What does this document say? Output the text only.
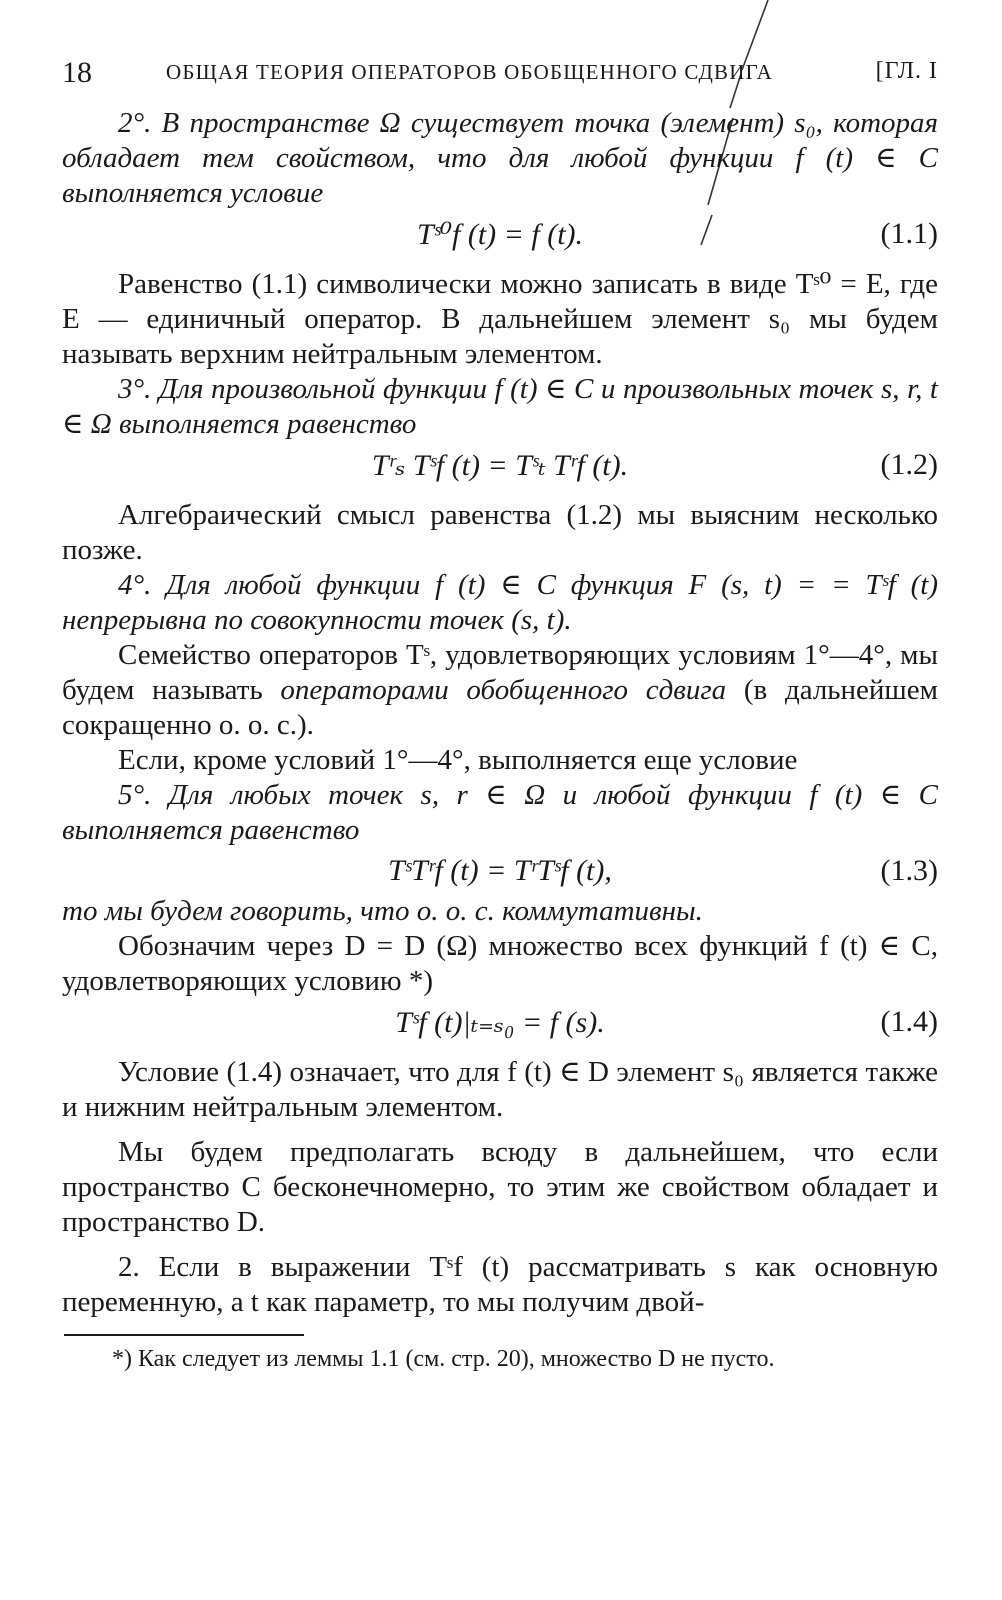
18	ОБЩАЯ ТЕОРИЯ ОПЕРАТОРОВ ОБОБЩЕННОГО СДВИГА	[ГЛ. I

2°. В пространстве Ω существует точка (элемент) s₀, которая обладает тем свойством, что для любой функции f (t) ∈ C выполняется условие

Tˢ⁰f (t) = f (t).	(1.1)

Равенство (1.1) символически можно записать в виде Tˢ⁰ = E, где E — единичный оператор. В дальнейшем элемент s₀ мы будем называть верхним нейтральным элементом.

3°. Для произвольной функции f (t) ∈ C и произвольных точек s, r, t ∈ Ω выполняется равенство

Tʳₛ Tˢf (t) = Tˢₜ Tʳf (t).	(1.2)

Алгебраический смысл равенства (1.2) мы выясним несколько позже.

4°. Для любой функции f (t) ∈ C функция F (s, t) = = Tˢf (t) непрерывна по совокупности точек (s, t).

Семейство операторов Tˢ, удовлетворяющих условиям 1°—4°, мы будем называть операторами обобщенного сдвига (в дальнейшем сокращенно о. о. с.).

Если, кроме условий 1°—4°, выполняется еще условие

5°. Для любых точек s, r ∈ Ω и любой функции f (t) ∈ C выполняется равенство

TˢTʳf (t) = TʳTˢf (t),	(1.3)

то мы будем говорить, что о. о. с. коммутативны.

Обозначим через D = D (Ω) множество всех функций f (t) ∈ C, удовлетворяющих условию *)

Tˢf (t)|ₜ₌ₛ₀ = f (s).	(1.4)

Условие (1.4) означает, что для f (t) ∈ D элемент s₀ является также и нижним нейтральным элементом.

Мы будем предполагать всюду в дальнейшем, что если пространство C бесконечномерно, то этим же свойством обладает и пространство D.

2. Если в выражении Tˢf (t) рассматривать s как основную переменную, а t как параметр, то мы получим двой-

*) Как следует из леммы 1.1 (см. стр. 20), множество D не пусто.
